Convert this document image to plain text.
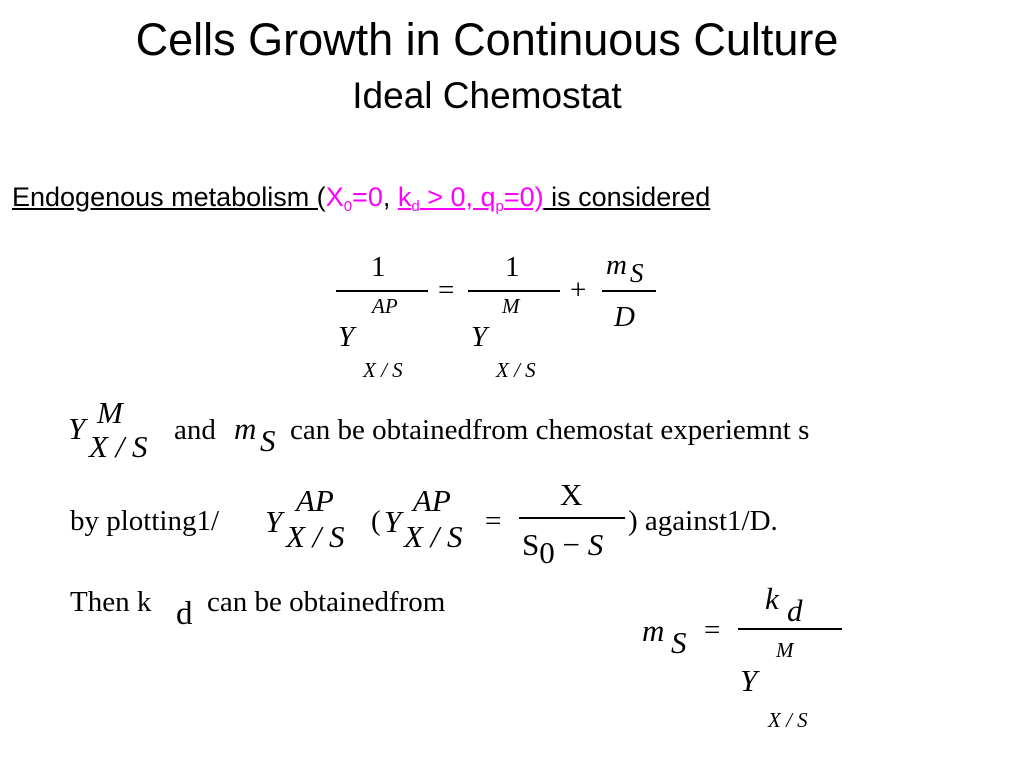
Cells Growth in Continuous Culture
Ideal Chemostat
Endogenous metabolism ($X_0=0$, $k_d > 0$, $q_p=0$) is considered
1
AP
Y
X / S
=
1
M
Y
X / S
+
m S
D
Y M
X / S and m S can be obtainedfrom chemostat experiemnt s
by plotting1/ Y
AP
X / S ( Y
AP
X / S =
X
S0 − S
) against1/D.
Then k d can be obtainedfrom
m S =
k d
M
Y
X / S
